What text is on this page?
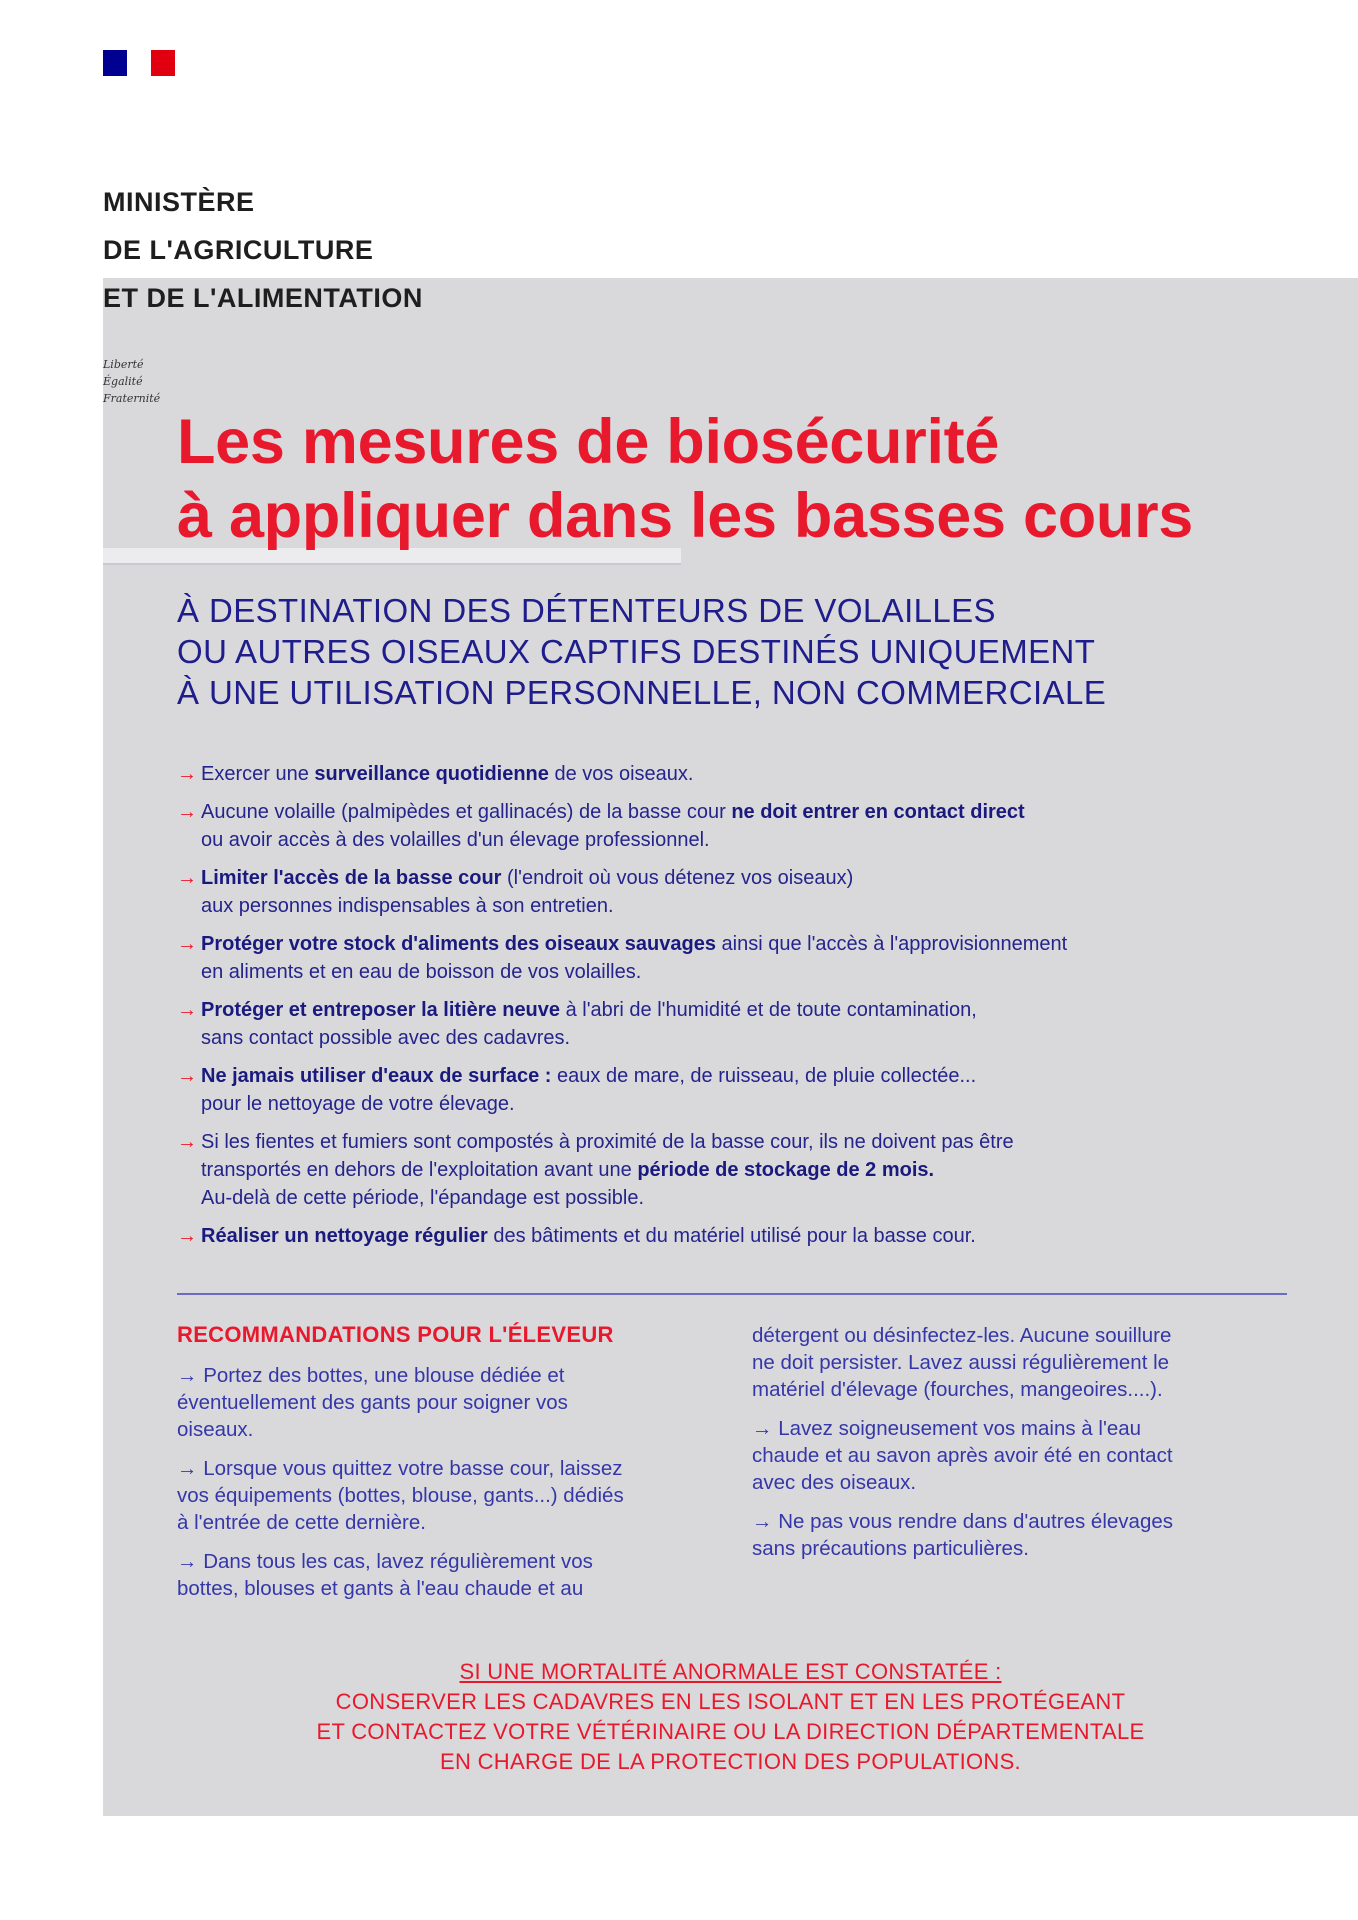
MINISTÈRE
DE L'AGRICULTURE
ET DE L'ALIMENTATION
Liberté
Égalité
Fraternité
Les mesures de biosécurité
à appliquer dans les basses cours
À DESTINATION DES DÉTENTEURS DE VOLAILLES
OU AUTRES OISEAUX CAPTIFS DESTINÉS UNIQUEMENT
À UNE UTILISATION PERSONNELLE, NON COMMERCIALE
→ Exercer une surveillance quotidienne de vos oiseaux.
→ Aucune volaille (palmipèdes et gallinacés) de la basse cour ne doit entrer en contact direct
ou avoir accès à des volailles d'un élevage professionnel.
→ Limiter l'accès de la basse cour (l'endroit où vous détenez vos oiseaux)
aux personnes indispensables à son entretien.
→ Protéger votre stock d'aliments des oiseaux sauvages ainsi que l'accès à l'approvisionnement
en aliments et en eau de boisson de vos volailles.
→ Protéger et entreposer la litière neuve à l'abri de l'humidité et de toute contamination,
sans contact possible avec des cadavres.
→ Ne jamais utiliser d'eaux de surface : eaux de mare, de ruisseau, de pluie collectée...
pour le nettoyage de votre élevage.
→ Si les fientes et fumiers sont compostés à proximité de la basse cour, ils ne doivent pas être
transportés en dehors de l'exploitation avant une période de stockage de 2 mois.
Au-delà de cette période, l'épandage est possible.
→ Réaliser un nettoyage régulier des bâtiments et du matériel utilisé pour la basse cour.
RECOMMANDATIONS POUR L'ÉLEVEUR

→ Portez des bottes, une blouse dédiée et
éventuellement des gants pour soigner vos
oiseaux.

→ Lorsque vous quittez votre basse cour, laissez
vos équipements (bottes, blouse, gants...) dédiés
à l'entrée de cette dernière.

→ Dans tous les cas, lavez régulièrement vos
bottes, blouses et gants à l'eau chaude et au

détergent ou désinfectez-les. Aucune souillure
ne doit persister. Lavez aussi régulièrement le
matériel d'élevage (fourches, mangeoires....).

→ Lavez soigneusement vos mains à l'eau
chaude et au savon après avoir été en contact
avec des oiseaux.

→ Ne pas vous rendre dans d'autres élevages
sans précautions particulières.

SI UNE MORTALITÉ ANORMALE EST CONSTATÉE :
CONSERVER LES CADAVRES EN LES ISOLANT ET EN LES PROTÉGEANT
ET CONTACTEZ VOTRE VÉTÉRINAIRE OU LA DIRECTION DÉPARTEMENTALE
EN CHARGE DE LA PROTECTION DES POPULATIONS.
